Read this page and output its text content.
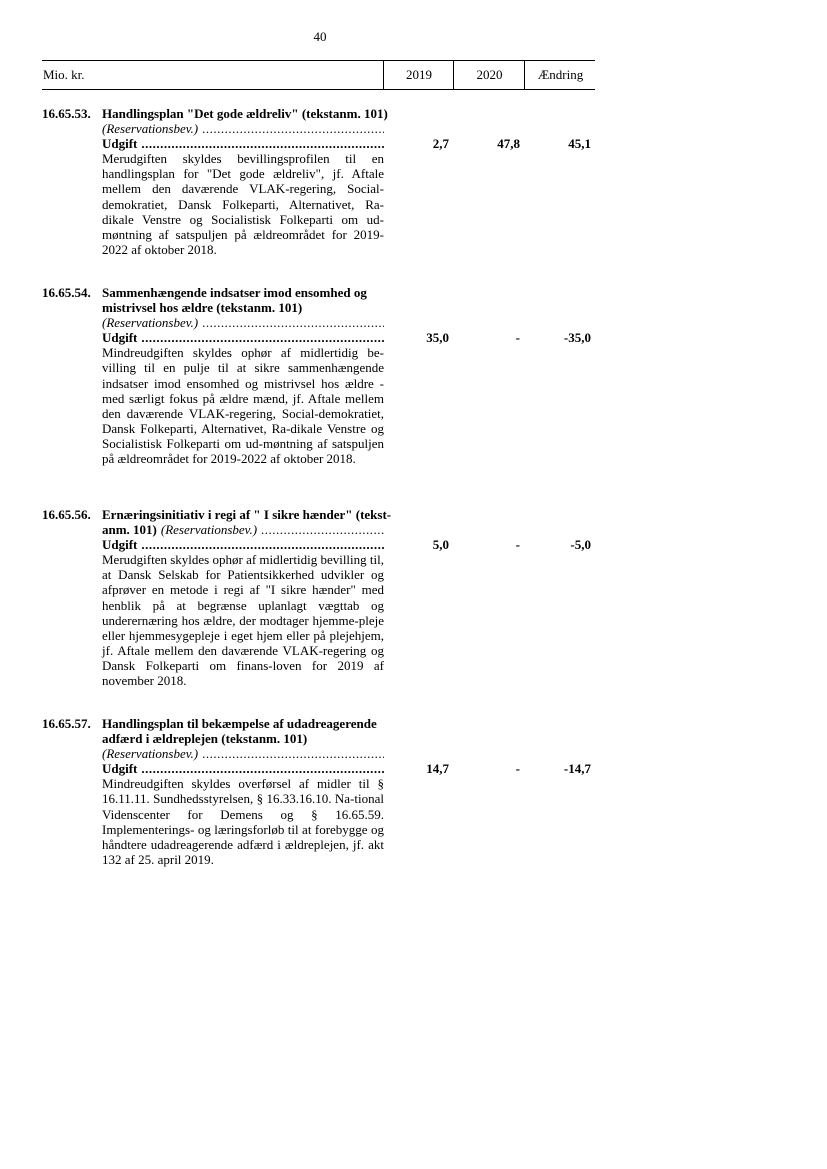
40
Mio. kr.	2019	2020	Ændring
16.65.53. Handlingsplan "Det gode ældreliv" (tekstanm. 101)
(Reservationsbev.)
.....
Udgift
.....
Merudgiften skyldes bevillingsprofilen til en handlingsplan for "Det gode ældreliv", jf. Aftale mellem den daværende VLAK-regering, Social-demokratiet, Dansk Folkeparti, Alternativet, Ra-dikale Venstre og Socialistisk Folkeparti om ud-møntning af satspuljen på ældreområdet for 2019-2022 af oktober 2018.
2,7	47,8	45,1
16.65.54. Sammenhængende indsatser imod ensomhed og
mistrivsel hos ældre (tekstanm. 101)
(Reservationsbev.)
.....
Udgift
.....
Mindreudgiften skyldes ophør af midlertidig be-villing til en pulje til at sikre sammenhængende indsatser imod ensomhed og mistrivsel hos ældre - med særligt fokus på ældre mænd, jf. Aftale mellem den daværende VLAK-regering, Social-demokratiet, Dansk Folkeparti, Alternativet, Ra-dikale Venstre og Socialistisk Folkeparti om ud-møntning af satspuljen på ældreområdet for 2019-2022 af oktober 2018.
35,0	-	-35,0
16.65.56. Ernæringsinitiativ i regi af " I sikre hænder" (tekst-
anm. 101) (Reservationsbev.)
.....
Udgift
.....
Merudgiften skyldes ophør af midlertidig bevilling til, at Dansk Selskab for Patientsikkerhed udvikler og afprøver en metode i regi af "I sikre hænder" med henblik på at begrænse uplanlagt vægttab og underernæring hos ældre, der modtager hjemme-pleje eller hjemmesygepleje i eget hjem eller på plejehjem, jf. Aftale mellem den daværende VLAK-regering og Dansk Folkeparti om finans-loven for 2019 af november 2018.
5,0	-	-5,0
16.65.57. Handlingsplan til bekæmpelse af udadreagerende
adfærd i ældreplejen (tekstanm. 101)
(Reservationsbev.)
.....
Udgift
.....
Mindreudgiften skyldes overførsel af midler til § 16.11.11. Sundhedsstyrelsen, § 16.33.16.10. Na-tional Videnscenter for Demens og § 16.65.59. Implementerings- og læringsforløb til at forebygge og håndtere udadreagerende adfærd i ældreplejen, jf. akt 132 af 25. april 2019.
14,7	-	-14,7
